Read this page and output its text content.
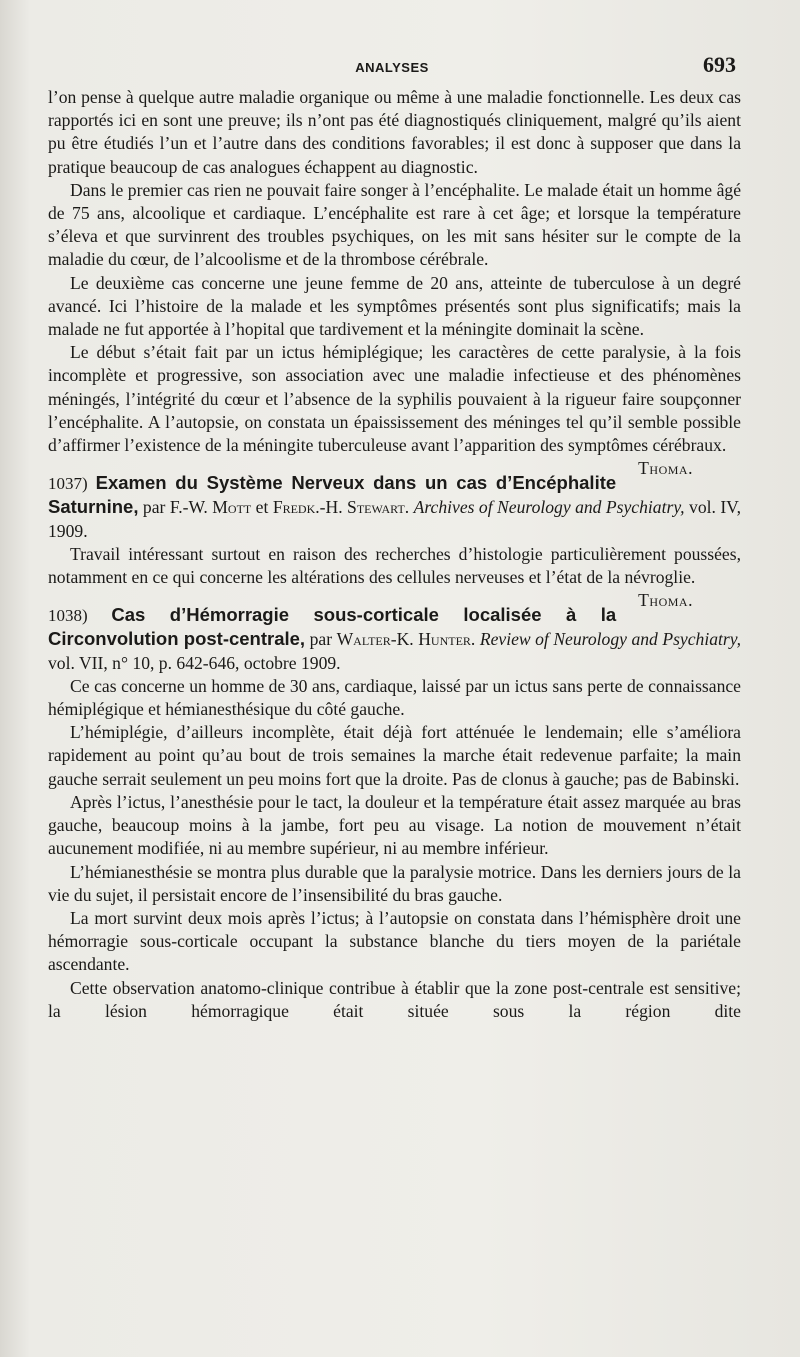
ANALYSES	693

l’on pense à quelque autre maladie organique ou même à une maladie fonctionnelle. Les deux cas rapportés ici en sont une preuve; ils n’ont pas été diagnostiqués cliniquement, malgré qu’ils aient pu être étudiés l’un et l’autre dans des conditions favorables; il est donc à supposer que dans la pratique beaucoup de cas analogues échappent au diagnostic.

Dans le premier cas rien ne pouvait faire songer à l’encéphalite. Le malade était un homme âgé de 75 ans, alcoolique et cardiaque. L’encéphalite est rare à cet âge; et lorsque la température s’éleva et que survinrent des troubles psychiques, on les mit sans hésiter sur le compte de la maladie du cœur, de l’alcoolisme et de la thrombose cérébrale.

Le deuxième cas concerne une jeune femme de 20 ans, atteinte de tuberculose à un degré avancé. Ici l’histoire de la malade et les symptômes présentés sont plus significatifs; mais la malade ne fut apportée à l’hopital que tardivement et la méningite dominait la scène.

Le début s’était fait par un ictus hémiplégique; les caractères de cette paralysie, à la fois incomplète et progressive, son association avec une maladie infectieuse et des phénomènes méningés, l’intégrité du cœur et l’absence de la syphilis pouvaient à la rigueur faire soupçonner l’encéphalite. A l’autopsie, on constata un épaississement des méninges tel qu’il semble possible d’affirmer l’existence de la méningite tuberculeuse avant l’apparition des symptômes cérébraux.
Thoma.

1037) Examen du Système Nerveux dans un cas d’Encéphalite Saturnine, par F.-W. Mott et Fredk.-H. Stewart. Archives of Neurology and Psychiatry, vol. IV, 1909.

Travail intéressant surtout en raison des recherches d’histologie particulièrement poussées, notamment en ce qui concerne les altérations des cellules nerveuses et l’état de la névroglie.
Thoma.

1038) Cas d’Hémorragie sous-corticale localisée à la Circonvolution post-centrale, par Walter-K. Hunter. Review of Neurology and Psychiatry, vol. VII, n° 10, p. 642-646, octobre 1909.

Ce cas concerne un homme de 30 ans, cardiaque, laissé par un ictus sans perte de connaissance hémiplégique et hémianesthésique du côté gauche.

L’hémiplégie, d’ailleurs incomplète, était déjà fort atténuée le lendemain; elle s’améliora rapidement au point qu’au bout de trois semaines la marche était redevenue parfaite; la main gauche serrait seulement un peu moins fort que la droite. Pas de clonus à gauche; pas de Babinski.

Après l’ictus, l’anesthésie pour le tact, la douleur et la température était assez marquée au bras gauche, beaucoup moins à la jambe, fort peu au visage. La notion de mouvement n’était aucunement modifiée, ni au membre supérieur, ni au membre inférieur.

L’hémianesthésie se montra plus durable que la paralysie motrice. Dans les derniers jours de la vie du sujet, il persistait encore de l’insensibilité du bras gauche.

La mort survint deux mois après l’ictus; à l’autopsie on constata dans l’hémisphère droit une hémorragie sous-corticale occupant la substance blanche du tiers moyen de la pariétale ascendante.

Cette observation anatomo-clinique contribue à établir que la zone post-centrale est sensitive; la lésion hémorragique était située sous la région dite
